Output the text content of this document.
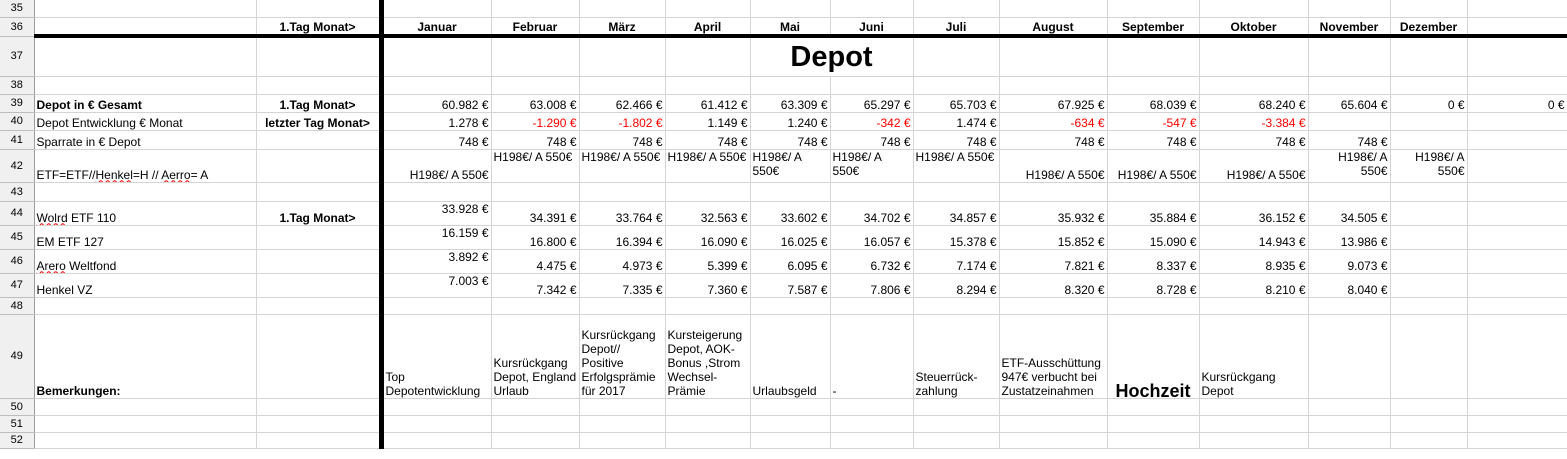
35															
36		1.Tag Monat>	Januar	Februar	März	April	Mai	Juni	Juli	August	September	Oktober	November	Dezember	
37							Depot								
38															
39	Depot in € Gesamt	1.Tag Monat>	60.982 €	63.008 €	62.466 €	61.412 €	63.309 €	65.297 €	65.703 €	67.925 €	68.039 €	68.240 €	65.604 €	0 €	0 €
40	Depot Entwicklung € Monat	letzter Tag Monat>	1.278 €	-1.290 €	-1.802 €	1.149 €	1.240 €	-342 €	1.474 €	-634 €	-547 €	-3.384 €			
41	Sparrate in € Depot		748 €	748 €	748 €	748 €	748 €	748 €	748 €	748 €	748 €	748 €	748 €		
42	ETF=ETF//Henkel=H // Aerro= A		H198€/ A 550€	H198€/ A 550€	H198€/ A 550€	H198€/ A 550€	H198€/ A 550€	H198€/ A 550€	H198€/ A 550€	H198€/ A 550€	H198€/ A 550€	H198€/ A 550€	H198€/ A 550€	H198€/ A 550€	
43															
44	Wolrd ETF 110	1.Tag Monat>	33.928 €	34.391 €	33.764 €	32.563 €	33.602 €	34.702 €	34.857 €	35.932 €	35.884 €	36.152 €	34.505 €		
45	EM ETF 127		16.159 €	16.800 €	16.394 €	16.090 €	16.025 €	16.057 €	15.378 €	15.852 €	15.090 €	14.943 €	13.986 €		
46	Arero Weltfond		3.892 €	4.475 €	4.973 €	5.399 €	6.095 €	6.732 €	7.174 €	7.821 €	8.337 €	8.935 €	9.073 €		
47	Henkel VZ		7.003 €	7.342 €	7.335 €	7.360 €	7.587 €	7.806 €	8.294 €	8.320 €	8.728 €	8.210 €	8.040 €		
48															
49	Bemerkungen:		Top Depotentwicklung	Kursrückgang Depot, England Urlaub	Kursrückgang Depot// Positive Erfolgsprämie für 2017	Kursteigerung Depot, AOK-Bonus ,Strom Wechsel-Prämie	Urlaubsgeld	-	Steuerrück-zahlung	ETF-Ausschüttung 947€ verbucht bei Zustatzeinahmen	Hochzeit	Kursrückgang Depot			
50															
51															
52															
